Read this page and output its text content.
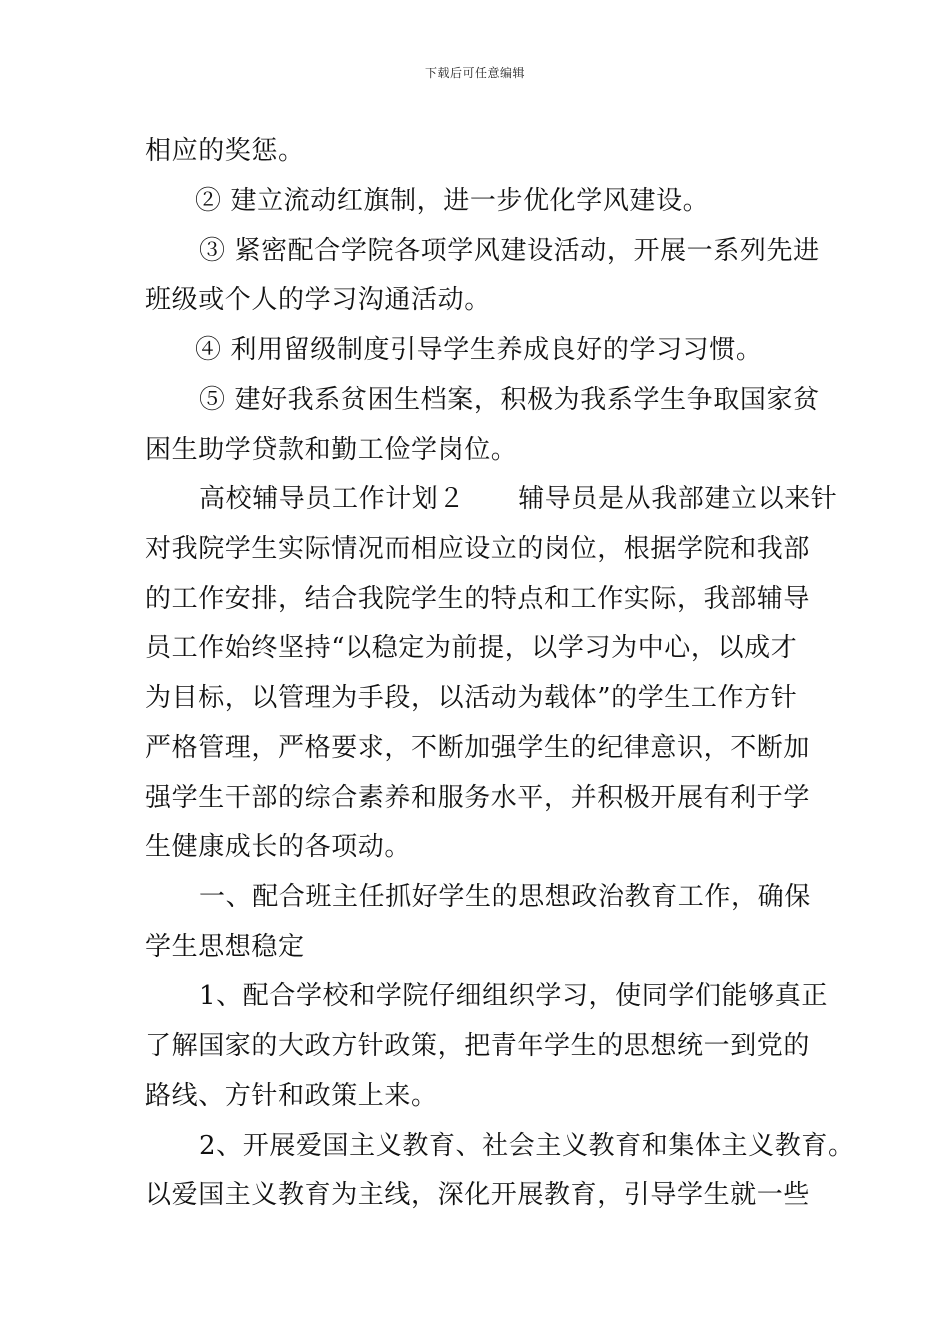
下载后可任意编辑
相应的奖惩。
② 建立流动红旗制，进一步优化学风建设。
③ 紧密配合学院各项学风建设活动，开展一系列先进
班级或个人的学习沟通活动。
④ 利用留级制度引导学生养成良好的学习习惯。
⑤ 建好我系贫困生档案，积极为我系学生争取国家贫
困生助学贷款和勤工俭学岗位。
高校辅导员工作计划２　　辅导员是从我部建立以来针
对我院学生实际情况而相应设立的岗位，根据学院和我部
的工作安排，结合我院学生的特点和工作实际，我部辅导
员工作始终坚持“以稳定为前提，以学习为中心，以成才
为目标，以管理为手段，以活动为载体”的学生工作方针
严格管理，严格要求，不断加强学生的纪律意识，不断加
强学生干部的综合素养和服务水平，并积极开展有利于学
生健康成长的各项动。
一、配合班主任抓好学生的思想政治教育工作，确保
学生思想稳定
1、配合学校和学院仔细组织学习，使同学们能够真正
了解国家的大政方针政策，把青年学生的思想统一到党的
路线、方针和政策上来。
2、开展爱国主义教育、社会主义教育和集体主义教育。
以爱国主义教育为主线，深化开展教育，引导学生就一些
